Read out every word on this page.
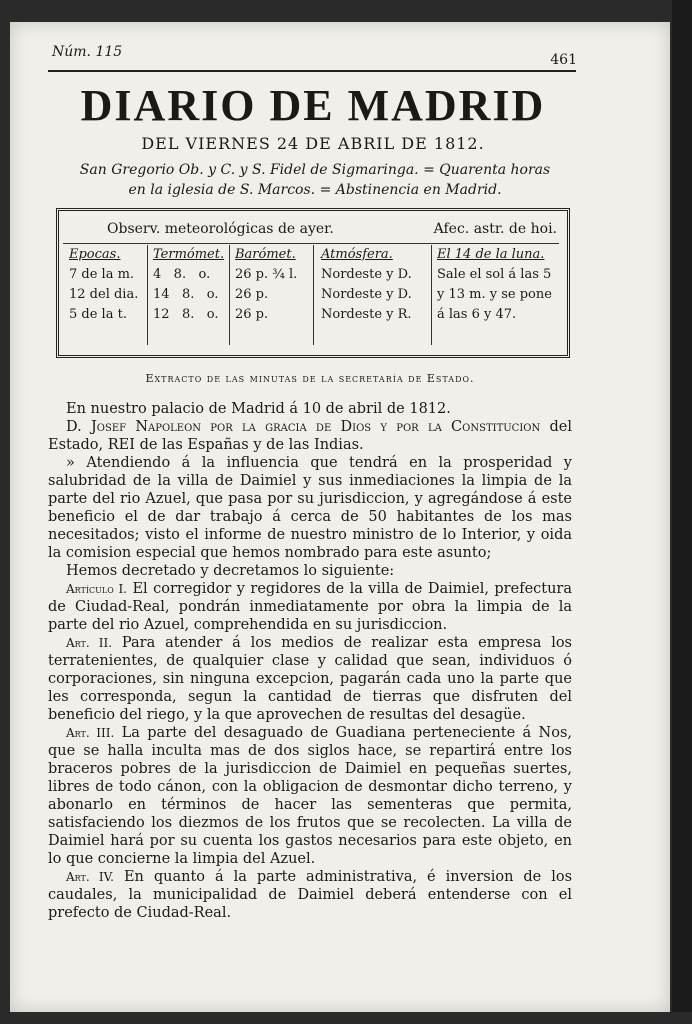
Núm. 115	461
DIARIO DE MADRID
DEL VIERNES 24 DE ABRIL DE 1812.
San Gregorio Ob. y C. y S. Fidel de Sigmaringa. = Quarenta horas
en la iglesia de S. Marcos. = Abstinencia en Madrid.
Observ. meteorológicas de ayer.	Afec. astr. de hoi.
Epocas.
7 de la m.
12 del dia.
5 de la t.
Termómet.
4   8.   o.
14   8.   o.
12   8.   o.
Barómet.
26 p. ¾ l.
26 p.
26 p.
Atmósfera.
Nordeste y D.
Nordeste y D.
Nordeste y R.
El 14 de la luna.
Sale el sol á las 5
y 13 m. y se pone
á las 6 y 47.
Extracto de las minutas de la secretaría de Estado.

En nuestro palacio de Madrid á 10 de abril de 1812.

D. Josef Napoleon por la gracia de Dios y por la Constitucion del Estado, REI de las Españas y de las Indias.

» Atendiendo á la influencia que tendrá en la prosperidad y salubridad de la villa de Daimiel y sus inmediaciones la limpia de la parte del rio Azuel, que pasa por su jurisdiccion, y agregándose á este beneficio el de dar trabajo á cerca de 50 habitantes de los mas necesitados; visto el informe de nuestro ministro de lo Interior, y oida la comision especial que hemos nombrado para este asunto;

Hemos decretado y decretamos lo siguiente:

Artículo I. El corregidor y regidores de la villa de Daimiel, prefectura de Ciudad-Real, pondrán inmediatamente por obra la limpia de la parte del rio Azuel, comprehendida en su jurisdiccion.

Art. II. Para atender á los medios de realizar esta empresa los terratenientes, de qualquier clase y calidad que sean, individuos ó corporaciones, sin ninguna excepcion, pagarán cada uno la parte que les corresponda, segun la cantidad de tierras que disfruten del beneficio del riego, y la que aprovechen de resultas del desagüe.

Art. III. La parte del desaguado de Guadiana perteneciente á Nos, que se halla inculta mas de dos siglos hace, se repartirá entre los braceros pobres de la jurisdiccion de Daimiel en pequeñas suertes, libres de todo cánon, con la obligacion de desmontar dicho terreno, y abonarlo en términos de hacer las sementeras que permita, satisfaciendo los diezmos de los frutos que se recolecten. La villa de Daimiel hará por su cuenta los gastos necesarios para este objeto, en lo que concierne la limpia del Azuel.

Art. IV. En quanto á la parte administrativa, é inversion de los caudales, la municipalidad de Daimiel deberá entenderse con el prefecto de Ciudad-Real.
